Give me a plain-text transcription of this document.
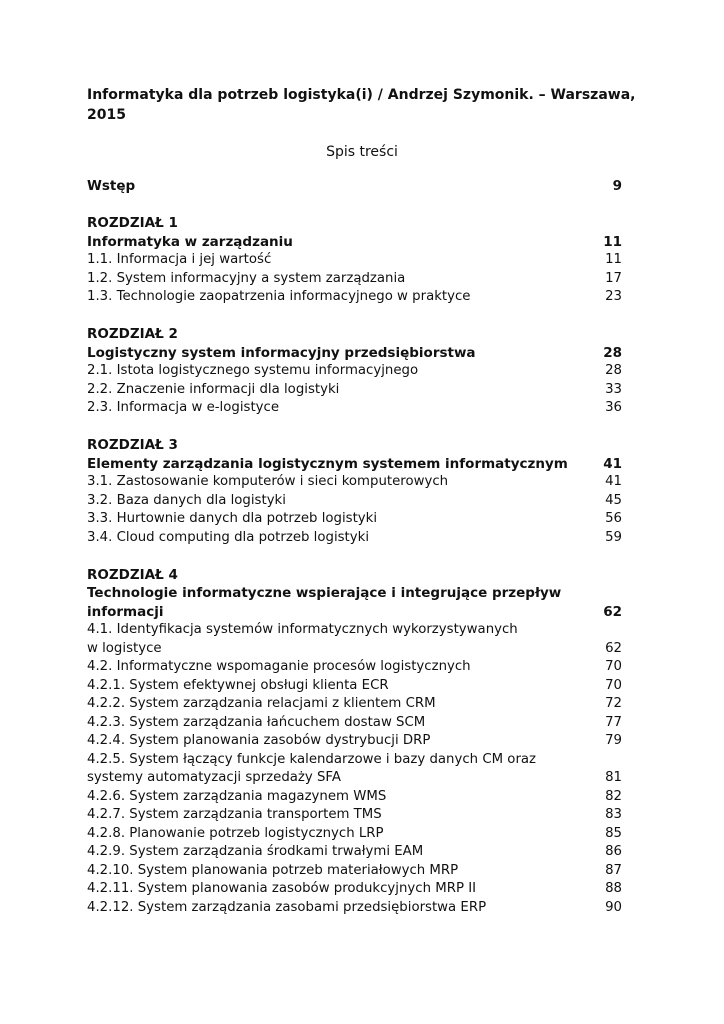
Informatyka dla potrzeb logistyka(i) / Andrzej Szymonik. – Warszawa, 2015
Spis treści
Wstęp	9
ROZDZIAŁ 1
Informatyka w zarządzaniu	11
1.1. Informacja i jej wartość	11
1.2. System informacyjny a system zarządzania	17
1.3. Technologie zaopatrzenia informacyjnego w praktyce	23
ROZDZIAŁ 2
Logistyczny system informacyjny przedsiębiorstwa	28
2.1. Istota logistycznego systemu informacyjnego	28
2.2. Znaczenie informacji dla logistyki	33
2.3. Informacja w e-logistyce	36
ROZDZIAŁ 3
Elementy zarządzania logistycznym systemem informatycznym	41
3.1. Zastosowanie komputerów i sieci komputerowych	41
3.2. Baza danych dla logistyki	45
3.3. Hurtownie danych dla potrzeb logistyki	56
3.4. Cloud computing dla potrzeb logistyki	59
ROZDZIAŁ 4
Technologie informatyczne wspierające i integrujące przepływ
informacji	62
4.1. Identyfikacja systemów informatycznych wykorzystywanych
w logistyce	62
4.2. Informatyczne wspomaganie procesów logistycznych	70
4.2.1. System efektywnej obsługi klienta ECR	70
4.2.2. System zarządzania relacjami z klientem CRM	72
4.2.3. System zarządzania łańcuchem dostaw SCM	77
4.2.4. System planowania zasobów dystrybucji DRP	79
4.2.5. System łączący funkcje kalendarzowe i bazy danych CM oraz
systemy automatyzacji sprzedaży SFA	81
4.2.6. System zarządzania magazynem WMS	82
4.2.7. System zarządzania transportem TMS	83
4.2.8. Planowanie potrzeb logistycznych LRP	85
4.2.9. System zarządzania środkami trwałymi EAM	86
4.2.10. System planowania potrzeb materiałowych MRP	87
4.2.11. System planowania zasobów produkcyjnych MRP II	88
4.2.12. System zarządzania zasobami przedsiębiorstwa ERP	90
